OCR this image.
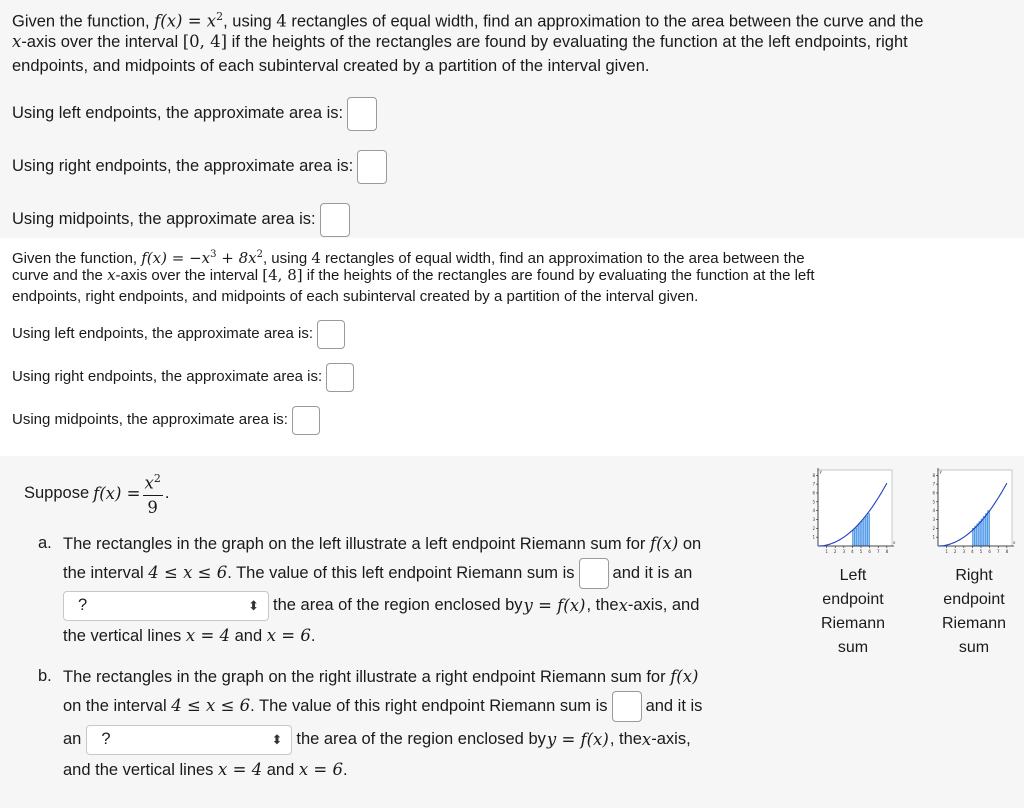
Given the function, $f(x) = x^2$, using 4 rectangles of equal width, find an approximation to the area between the curve and the
x-axis over the interval [0, 4] if the heights of the rectangles are found by evaluating the function at the left endpoints, right
endpoints, and midpoints of each subinterval created by a partition of the interval given.
Using left endpoints, the approximate area is:
Using right endpoints, the approximate area is:
Using midpoints, the approximate area is:
Given the function, $f(x) = -x^3 + 8x^2$, using 4 rectangles of equal width, find an approximation to the area between the
curve and the x-axis over the interval [4, 8] if the heights of the rectangles are found by evaluating the function at the left
endpoints, right endpoints, and midpoints of each subinterval created by a partition of the interval given.
Using left endpoints, the approximate area is:
Using right endpoints, the approximate area is:
Using midpoints, the approximate area is:
Suppose $f(x) = \frac{x^2}{9}$ .
a. The rectangles in the graph on the left illustrate a left endpoint Riemann sum for f(x) on
the interval 4 ≤ x ≤ 6. The value of this left endpoint Riemann sum is and it is an
?	⬍ the area of the region enclosed by y = f(x) , the x -axis, and
the vertical lines x = 4 and x = 6.
b. The rectangles in the graph on the right illustrate a right endpoint Riemann sum for f(x)
on the interval 4 ≤ x ≤ 6. The value of this right endpoint Riemann sum is and it is
an ?	⬍ the area of the region enclosed by y = f(x) , the x -axis,
and the vertical lines x = 4 and x = 6.
1 2 3 4 5 6 7 8
1
2
3
4
5
6
7
8
x
y
1 2 3 4 5 6 7 8
1
2
3
4
5
6
7
8
x
y
Left
endpoint
Riemann
sum
Right
endpoint
Riemann
sum
